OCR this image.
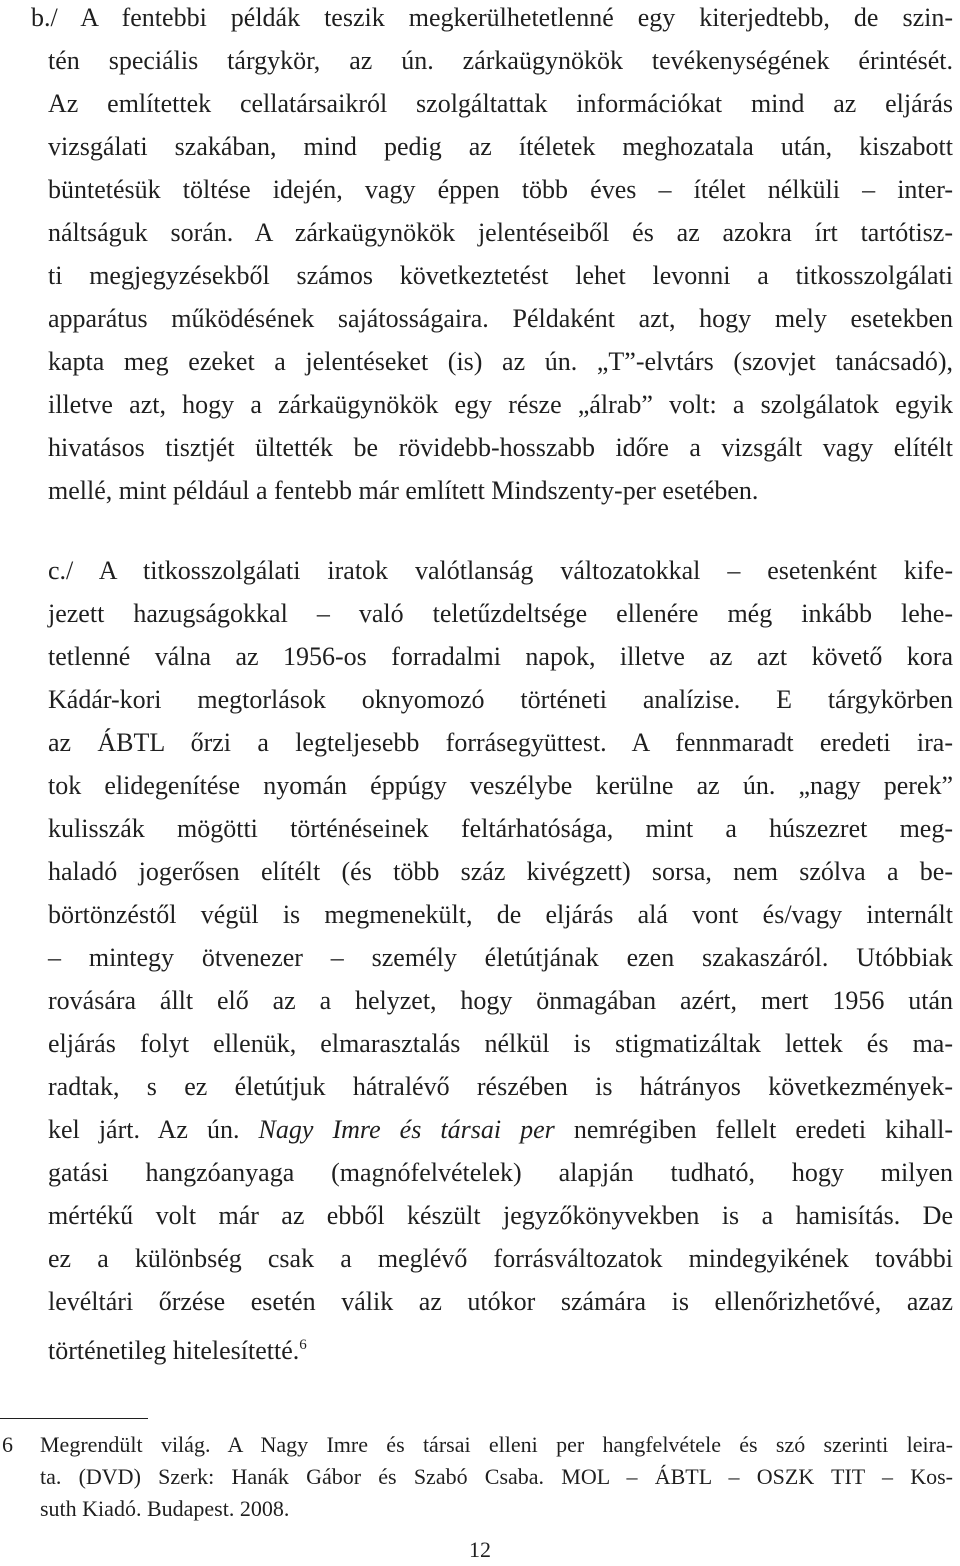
b./ A fentebbi példák teszik megkerülhetetlenné egy kiterjedtebb, de szin-
tén speciális tárgykör, az ún. zárkaügynökök tevékenységének érintését.
Az említettek cellatársaikról szolgáltattak információkat mind az eljárás
vizsgálati szakában, mind pedig az ítéletek meghozatala után, kiszabott
büntetésük töltése idején, vagy éppen több éves – ítélet nélküli – inter-
náltságuk során. A zárkaügynökök jelentéseiből és az azokra írt tartótisz-
ti megjegyzésekből számos következtetést lehet levonni a titkosszolgálati
apparátus működésének sajátosságaira. Példaként azt, hogy mely esetekben
kapta meg ezeket a jelentéseket (is) az ún. „T”-elvtárs (szovjet tanácsadó),
illetve azt, hogy a zárkaügynökök egy része „álrab” volt: a szolgálatok egyik
hivatásos tisztjét ültették be rövidebb-hosszabb időre a vizsgált vagy elítélt
mellé, mint például a fentebb már említett Mindszenty-per esetében.
c./ A titkosszolgálati iratok valótlanság változatokkal – esetenként kife-
jezett hazugságokkal – való teletűzdeltsége ellenére még inkább lehe-
tetlenné válna az 1956-os forradalmi napok, illetve az azt követő kora
Kádár-kori megtorlások oknyomozó történeti analízise. E tárgykörben
az ÁBTL őrzi a legteljesebb forrásegyüttest. A fennmaradt eredeti ira-
tok elidegenítése nyomán éppúgy veszélybe kerülne az ún. „nagy perek”
kulisszák mögötti történéseinek feltárhatósága, mint a húszezret meg-
haladó jogerősen elítélt (és több száz kivégzett) sorsa, nem szólva a be-
börtönzéstől végül is megmenekült, de eljárás alá vont és/vagy internált
– mintegy ötvenezer – személy életútjának ezen szakaszáról. Utóbbiak
rovására állt elő az a helyzet, hogy önmagában azért, mert 1956 után
eljárás folyt ellenük, elmarasztalás nélkül is stigmatizáltak lettek és ma-
radtak, s ez életútjuk hátralévő részében is hátrányos következmények-
kel járt. Az ún. Nagy Imre és társai per nemrégiben fellelt eredeti kihall-
gatási hangzóanyaga (magnófelvételek) alapján tudható, hogy milyen
mértékű volt már az ebből készült jegyzőkönyvekben is a hamisítás. De
ez a különbség csak a meglévő forrásváltozatok mindegyikének további
levéltári őrzése esetén válik az utókor számára is ellenőrizhetővé, azaz
történetileg hitelesítetté.$^6$
6 Megrendült világ. A Nagy Imre és társai elleni per hangfelvétele és szó szerinti leira-
ta. (DVD) Szerk: Hanák Gábor és Szabó Csaba. MOL – ÁBTL – OSZK TIT – Kos-
suth Kiadó. Budapest. 2008.
12
